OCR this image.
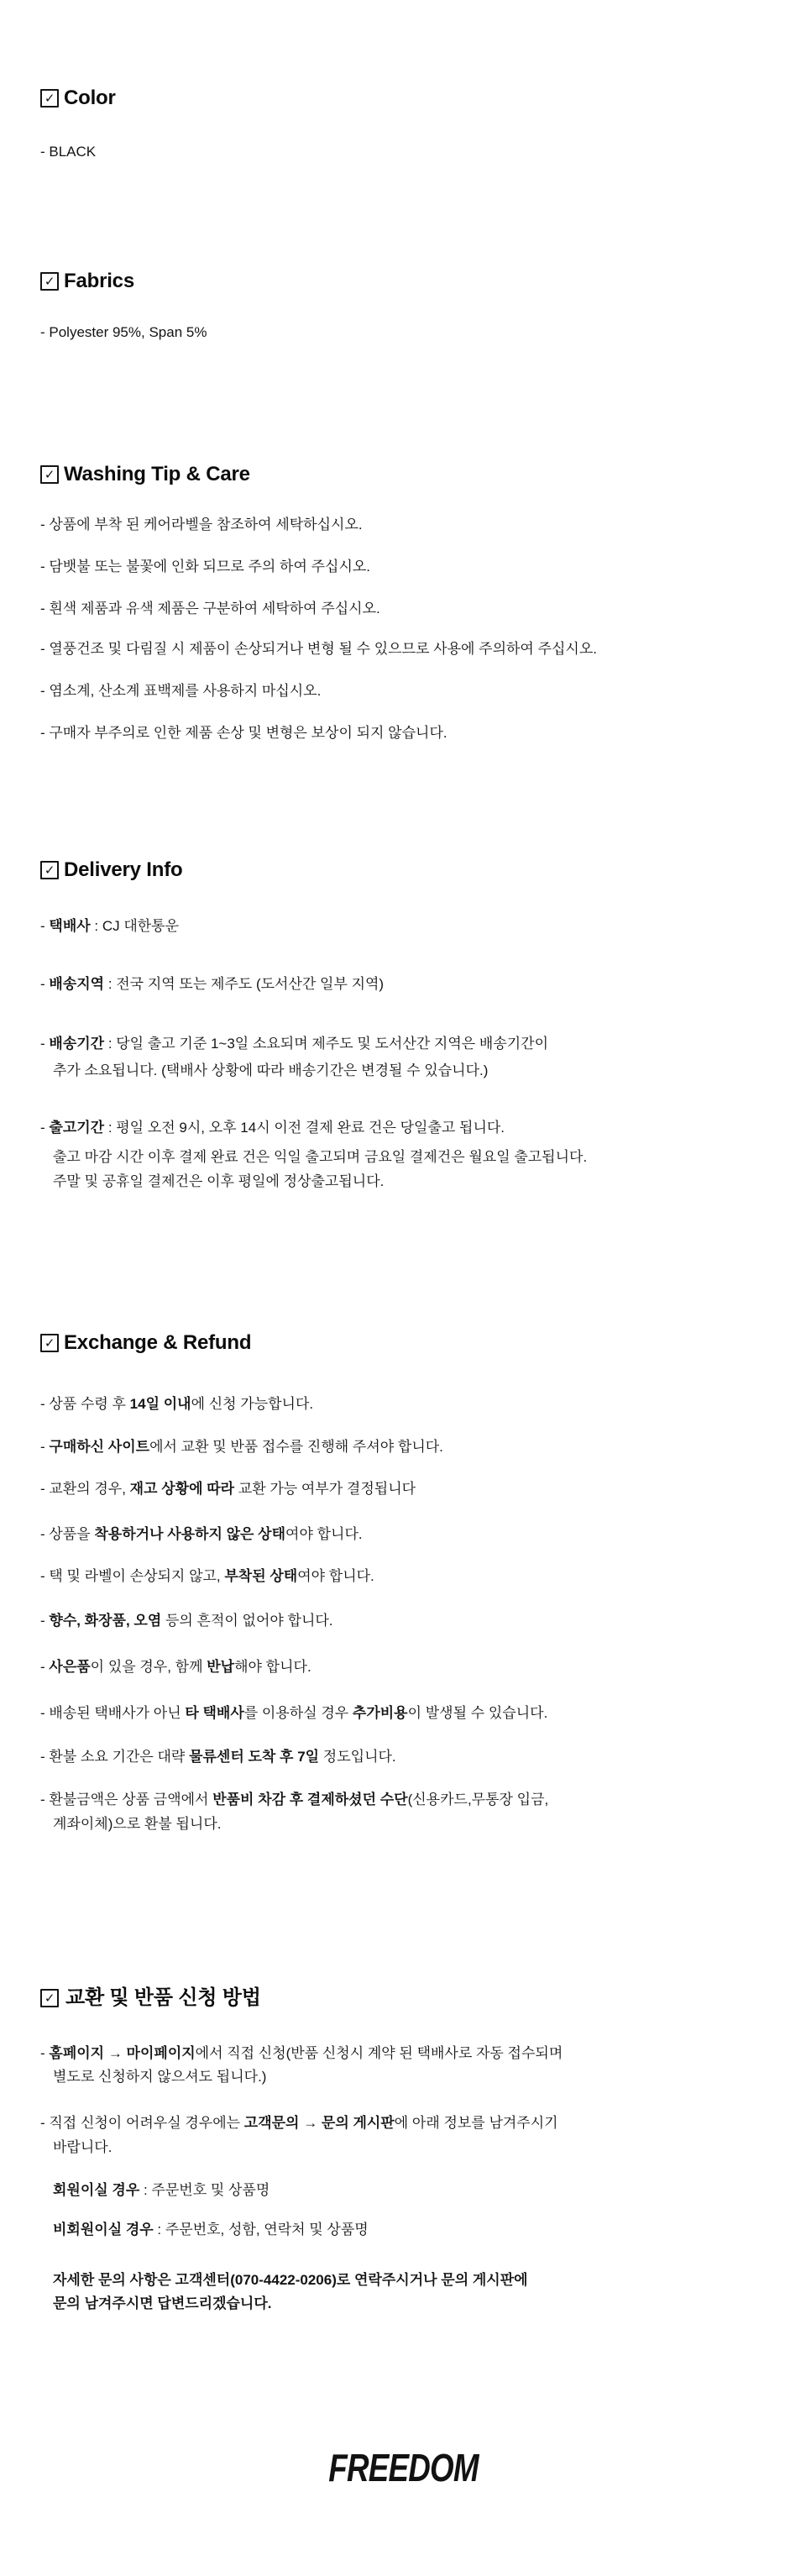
✓ Color
- BLACK
✓ Fabrics
- Polyester 95%, Span 5%
✓ Washing Tip & Care
- 상품에 부착 된 케어라벨을 참조하여 세탁하십시오.
- 담뱃불 또는 불꽃에 인화 되므로 주의 하여 주십시오.
- 흰색 제품과 유색 제품은 구분하여 세탁하여 주십시오.
- 열풍건조 및 다림질 시 제품이 손상되거나 변형 될 수 있으므로 사용에 주의하여 주십시오.
- 염소계, 산소계 표백제를 사용하지 마십시오.
- 구매자 부주의로 인한 제품 손상 및 변형은 보상이 되지 않습니다.
✓ Delivery Info
- 택배사 : CJ 대한통운
- 배송지역 : 전국 지역 또는 제주도 (도서산간 일부 지역)
- 배송기간 : 당일 출고 기준 1~3일 소요되며 제주도 및 도서산간 지역은 배송기간이
추가 소요됩니다. (택배사 상황에 따라 배송기간은 변경될 수 있습니다.)
- 출고기간 : 평일 오전 9시, 오후 14시 이전 결제 완료 건은 당일출고 됩니다.
출고 마감 시간 이후 결제 완료 건은 익일 출고되며 금요일 결제건은 월요일 출고됩니다.
주말 및 공휴일 결제건은 이후 평일에 정상출고됩니다.
✓ Exchange & Refund
- 상품 수령 후 14일 이내에 신청 가능합니다.
- 구매하신 사이트에서 교환 및 반품 접수를 진행해 주셔야 합니다.
- 교환의 경우, 재고 상황에 따라 교환 가능 여부가 결정됩니다
- 상품을 착용하거나 사용하지 않은 상태여야 합니다.
- 택 및 라벨이 손상되지 않고, 부착된 상태여야 합니다.
- 향수, 화장품, 오염 등의 흔적이 없어야 합니다.
- 사은품이 있을 경우, 함께 반납해야 합니다.
- 배송된 택배사가 아닌 타 택배사를 이용하실 경우 추가비용이 발생될 수 있습니다.
- 환불 소요 기간은 대략 물류센터 도착 후 7일 정도입니다.
- 환불금액은 상품 금액에서 반품비 차감 후 결제하셨던 수단(신용카드,무통장 입금,
계좌이체)으로 환불 됩니다.
✓ 교환 및 반품 신청 방법
- 홈페이지 → 마이페이지에서 직접 신청(반품 신청시 계약 된 택배사로 자동 접수되며
별도로 신청하지 않으셔도 됩니다.)
- 직접 신청이 어려우실 경우에는 고객문의 → 문의 게시판에 아래 정보를 남겨주시기
바랍니다.
회원이실 경우 : 주문번호 및 상품명
비회원이실 경우 : 주문번호, 성함, 연락처 및 상품명
자세한 문의 사항은 고객센터(070-4422-0206)로 연락주시거나 문의 게시판에
문의 남겨주시면 답변드리겠습니다.
FREEDOM
